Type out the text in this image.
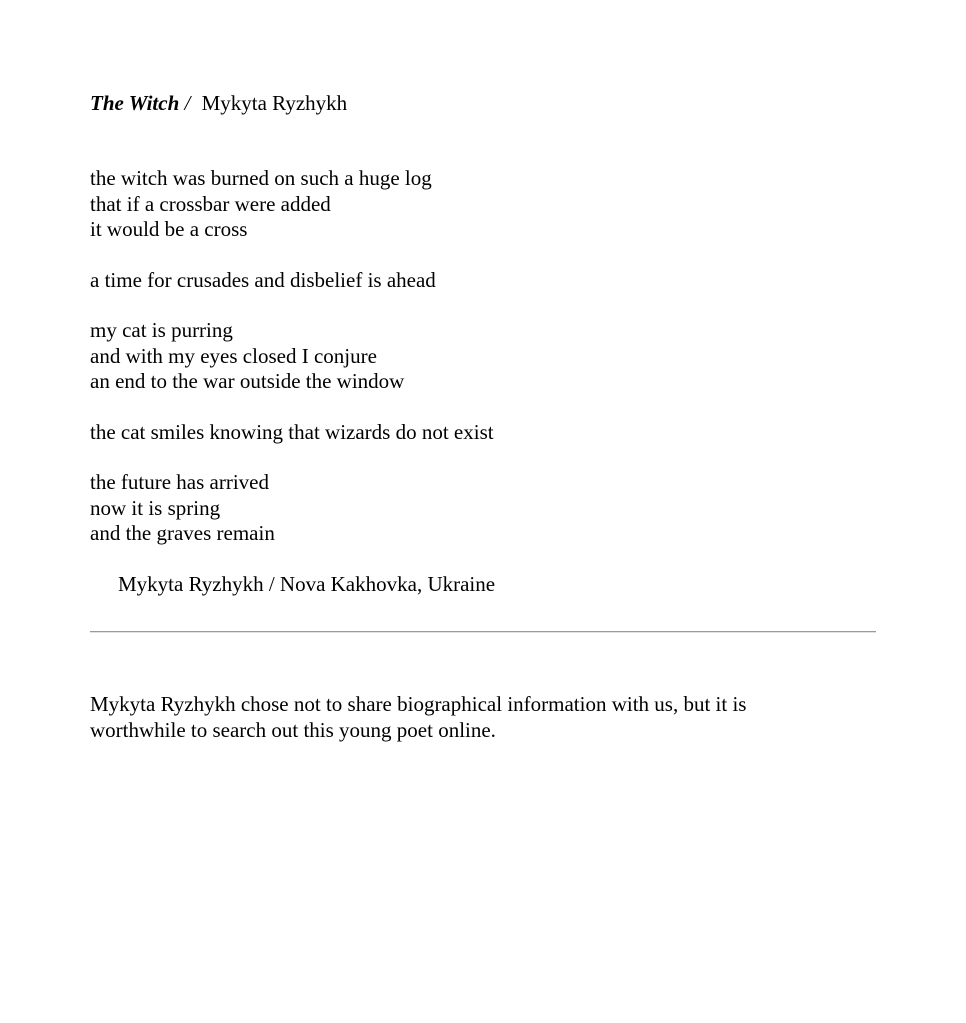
The Witch / Mykyta Ryzhykh
the witch was burned on such a huge log
that if a crossbar were added
it would be a cross
a time for crusades and disbelief is ahead
my cat is purring
and with my eyes closed I conjure
an end to the war outside the window
the cat smiles knowing that wizards do not exist
the future has arrived
now it is spring
and the graves remain
Mykyta Ryzhykh / Nova Kakhovka, Ukraine
Mykyta Ryzhykh chose not to share biographical information with us, but it is worthwhile to search out this young poet online.
